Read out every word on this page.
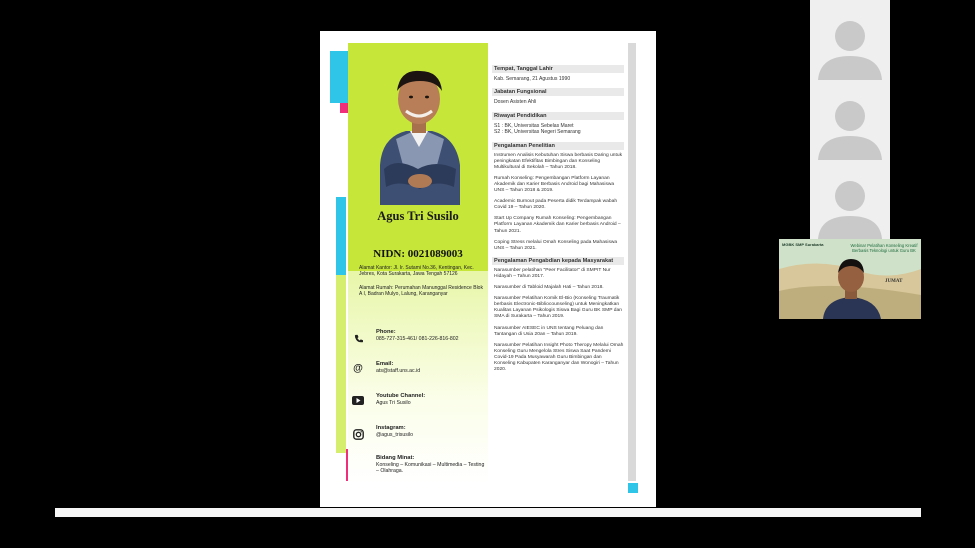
Agus Tri Susilo
NIDN: 0021089003
Alamat Kantor: Jl. Ir. Sutami No.36, Kentingan, Kec. Jebres, Kota Surakarta, Jawa Tengah 57126
Alamat Rumah: Perumahan Manunggal Residence Blok A I, Badran Mulyo, Lalung, Karanganyar
Phone:
085-727-315-461/ 081-226-816-802
@	Email:
ats@staff.uns.ac.id
Youtube Channel:
Agus Tri Susilo
Instagram:
@agus_trisusilo
Bidang Minat:
Konseling – Komunikasi – Multimedia – Testing – Olahraga.
Tempat, Tanggal Lahir
Kab. Semarang, 21 Agustus 1990
Jabatan Fungsional
Dosen Asisten Ahli
Riwayat Pendidikan
S1 : BK, Universitas Sebelas Maret
S2 : BK, Universitas Negeri Semarang
Pengalaman Penelitian
Instrumen Analisis Kebutuhan Siswa berbasis Daring untuk peningkatan Efektifitas Bimbingan dan Konseling Multikultural di Sekolah – Tahun 2018.
Rumah Konseling: Pengembangan Platform Layanan Akademik dan Karier Berbasis Android bagi Mahasiswa UNS – Tahun 2018 & 2019.
Academic Burnout pada Peserta didik Terdampak wabah Covid 19 – Tahun 2020.
Start Up Company Rumah Konseling: Pengembangan Platform Layanan Akademik dan Karier berbasis Android – Tahun 2021.
Coping Stress melalui Omah Konseling pada Mahasiswa UNS – Tahun 2021.
Pengalaman Pengabdian kepada Masyarakat
Narasumber pelatihan "Peer Facilitator" di SMPIT Nur Hidayah – Tahun 2017.
Narasumber di Tabloid Majalah Hati – Tahun 2018.
Narasumber Pelatihan Komik El-Bio (Konseling Traumatik berbasis Electronic-Bibliocounseling) untuk Meningkatkan Kualitas Layanan Psikologis Siswa Bagi Guru BK SMP dan SMA di Surakarta – Tahun 2019.
Narasumber AIESEC in UNS tentang Peluang dan Tantangan di Usia 20an – Tahun 2019.
Narasumber Pelatihan Insight Photo Theropy Melalui Omah Konseling Guru Mengelola Stres Siswa Saat Pandemi Covid-19 Pada Musyawarah Guru Bimbingan dan Konseling Kabupaten Karanganyar dan Wonogiri – Tahun 2020.
MGBK SMP Surakarta	Webinar Pelatihan Konseling Kreatif Berbasis Teknologi untuk Guru BK
JUMAT
